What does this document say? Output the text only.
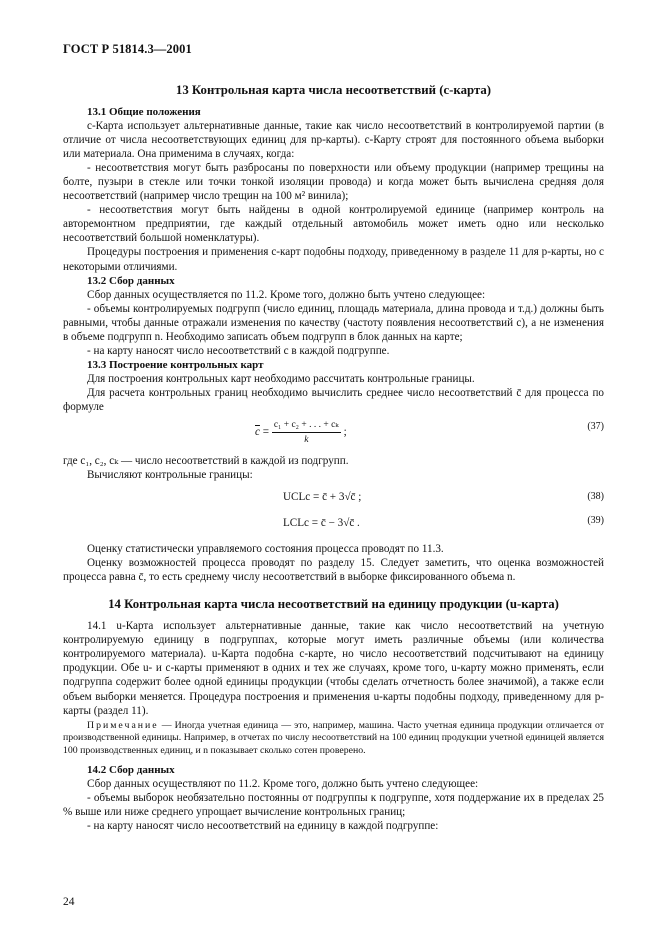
ГОСТ Р 51814.3—2001
13 Контрольная карта числа несоответствий (с-карта)
13.1 Общие положения

с-Карта использует альтернативные данные, такие как число несоответствий в контролируемой партии (в отличие от числа несоответствующих единиц для np-карты). с-Карту строят для постоянного объема выборки или материала. Она применима в случаях, когда:

- несоответствия могут быть разбросаны по поверхности или объему продукции (например трещины на болте, пузыри в стекле или точки тонкой изоляции провода) и когда может быть вычислена средняя доля несоответствий (например число трещин на 100 м² винила);

- несоответствия могут быть найдены в одной контролируемой единице (например контроль на авторемонтном предприятии, где каждый отдельный автомобиль может иметь одно или несколько несоответствий большой номенклатуры).

Процедуры построения и применения с-карт подобны подходу, приведенному в разделе 11 для р-карты, но с некоторыми отличиями.

13.2 Сбор данных

Сбор данных осуществляется по 11.2. Кроме того, должно быть учтено следующее:

- объемы контролируемых подгрупп (число единиц, площадь материала, длина провода и т.д.) должны быть равными, чтобы данные отражали изменения по качеству (частоту появления несоответствий с), а не изменения в объеме подгрупп n. Необходимо записать объем подгрупп в блок данных на карте;

- на карту наносят число несоответствий с в каждой подгруппе.

13.3 Построение контрольных карт

Для построения контрольных карт необходимо рассчитать контрольные границы.

Для расчета контрольных границ необходимо вычислить среднее число несоответствий c̄ для процесса по формуле

$\overline{c} = \frac{\text{c₁ + c₂ + . . . + cₖ}}{k}$ ;	(37)

где c₁, c₂, cₖ — число несоответствий в каждой из подгрупп.

Вычисляют контрольные границы:

UCLc = c̄ + 3√c̄ ;	(38)
LCLc = c̄ − 3√c̄ .	(39)

Оценку статистически управляемого состояния процесса проводят по 11.3.

Оценку возможностей процесса проводят по разделу 15. Следует заметить, что оценка возможностей процесса равна c̄, то есть среднему числу несоответствий в выборке фиксированного объема n.

14 Контрольная карта числа несоответствий на единицу продукции (u-карта)

14.1 u-Карта использует альтернативные данные, такие как число несоответствий на учетную контролируемую единицу в подгруппах, которые могут иметь различные объемы (или количества контролируемого материала). u-Карта подобна с-карте, но число несоответствий подсчитывают на единицу продукции. Обе u- и с-карты применяют в одних и тех же случаях, кроме того, u-карту можно применять, если подгруппа содержит более одной единицы продукции (чтобы сделать отчетность более значимой), а также если объем выборки меняется. Процедура построения и применения u-карты подобны подходу, приведенному для р-карты (раздел 11).

Примечание — Иногда учетная единица — это, например, машина. Часто учетная единица продукции отличается от производственной единицы. Например, в отчетах по числу несоответствий на 100 единиц продукции учетной единицей является 100 производственных единиц, и n показывает сколько сотен проверено.
14.2 Сбор данных

Сбор данных осуществляют по 11.2. Кроме того, должно быть учтено следующее:

- объемы выборок необязательно постоянны от подгруппы к подгруппе, хотя поддержание их в пределах 25 % выше или ниже среднего упрощает вычисление контрольных границ;

- на карту наносят число несоответствий на единицу в каждой подгруппе:

24
